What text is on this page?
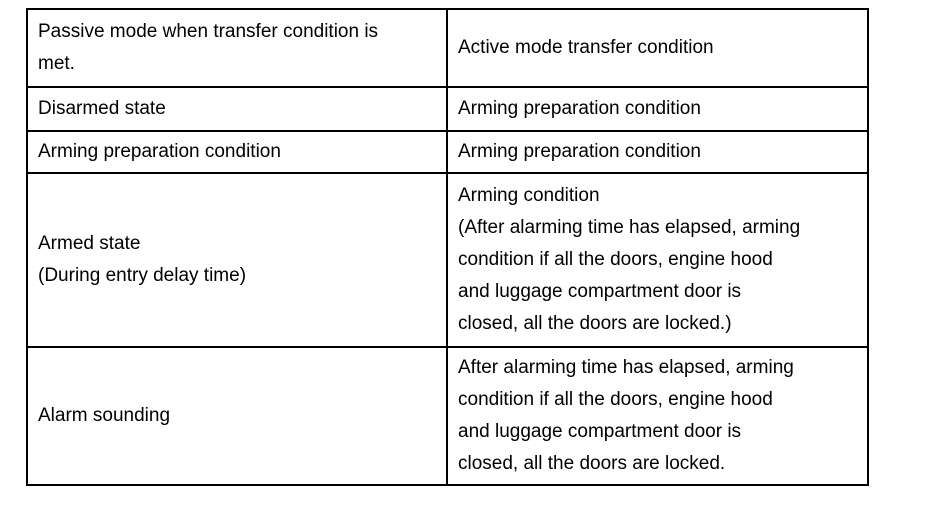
Passive mode when transfer condition is
met.	Active mode transfer condition

Disarmed state	Arming preparation condition

Arming preparation condition	Arming preparation condition

Armed state
(During entry delay time)	Arming condition
(After alarming time has elapsed, arming
condition if all the doors, engine hood
and luggage compartment door is
closed, all the doors are locked.)

Alarm sounding	After alarming time has elapsed, arming
condition if all the doors, engine hood
and luggage compartment door is
closed, all the doors are locked.
